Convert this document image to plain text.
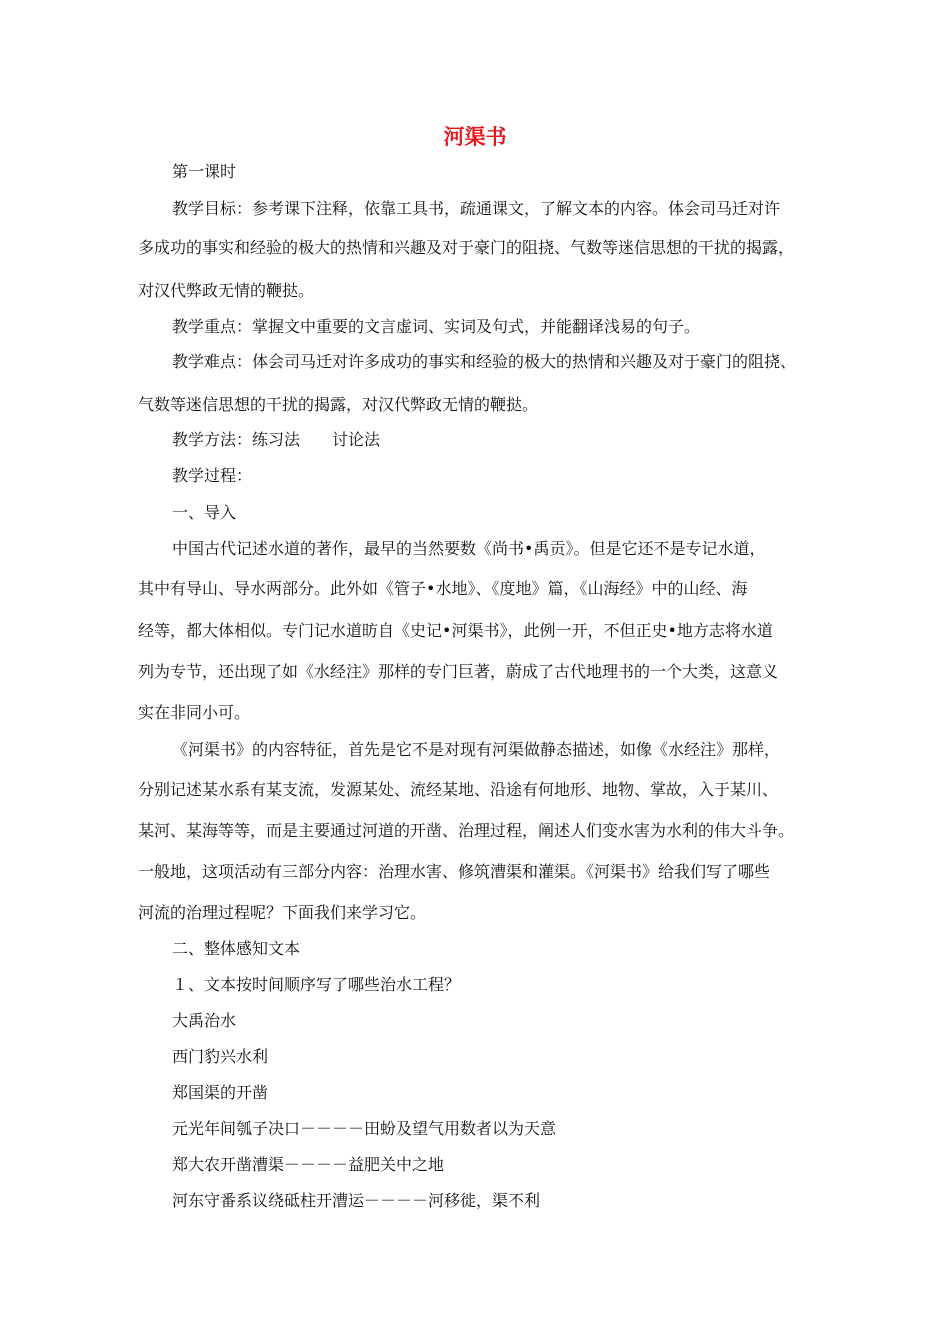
河渠书
第一课时
教学目标：参考课下注释，依靠工具书，疏通课文，了解文本的内容。体会司马迁对许
多成功的事实和经验的极大的热情和兴趣及对于豪门的阻挠、气数等迷信思想的干扰的揭露，
对汉代弊政无情的鞭挞。
教学重点：掌握文中重要的文言虚词、实词及句式，并能翻译浅易的句子。
教学难点：体会司马迁对许多成功的事实和经验的极大的热情和兴趣及对于豪门的阻挠、
气数等迷信思想的干扰的揭露，对汉代弊政无情的鞭挞。
教学方法：练习法 讨论法
教学过程：
一、导入
中国古代记述水道的著作，最早的当然要数《尚书•禹贡》。但是它还不是专记水道，
其中有导山、导水两部分。此外如《管子•水地》、《度地》篇，《山海经》中的山经、海
经等，都大体相似。专门记水道昉自《史记•河渠书》，此例一开，不但正史•地方志将水道
列为专节，还出现了如《水经注》那样的专门巨著，蔚成了古代地理书的一个大类，这意义
实在非同小可。
《河渠书》的内容特征，首先是它不是对现有河渠做静态描述，如像《水经注》那样，
分别记述某水系有某支流，发源某处、流经某地、沿途有何地形、地物、掌故，入于某川、
某河、某海等等，而是主要通过河道的开凿、治理过程，阐述人们变水害为水利的伟大斗争。
一般地，这项活动有三部分内容：治理水害、修筑漕渠和灌渠。《河渠书》给我们写了哪些
河流的治理过程呢？下面我们来学习它。
二、整体感知文本
１、文本按时间顺序写了哪些治水工程？
大禹治水
西门豹兴水利
郑国渠的开凿
元光年间瓠子决口－－－－田蚡及望气用数者以为天意
郑大农开凿漕渠－－－－益肥关中之地
河东守番系议绕砥柱开漕运－－－－河移徙，渠不利
